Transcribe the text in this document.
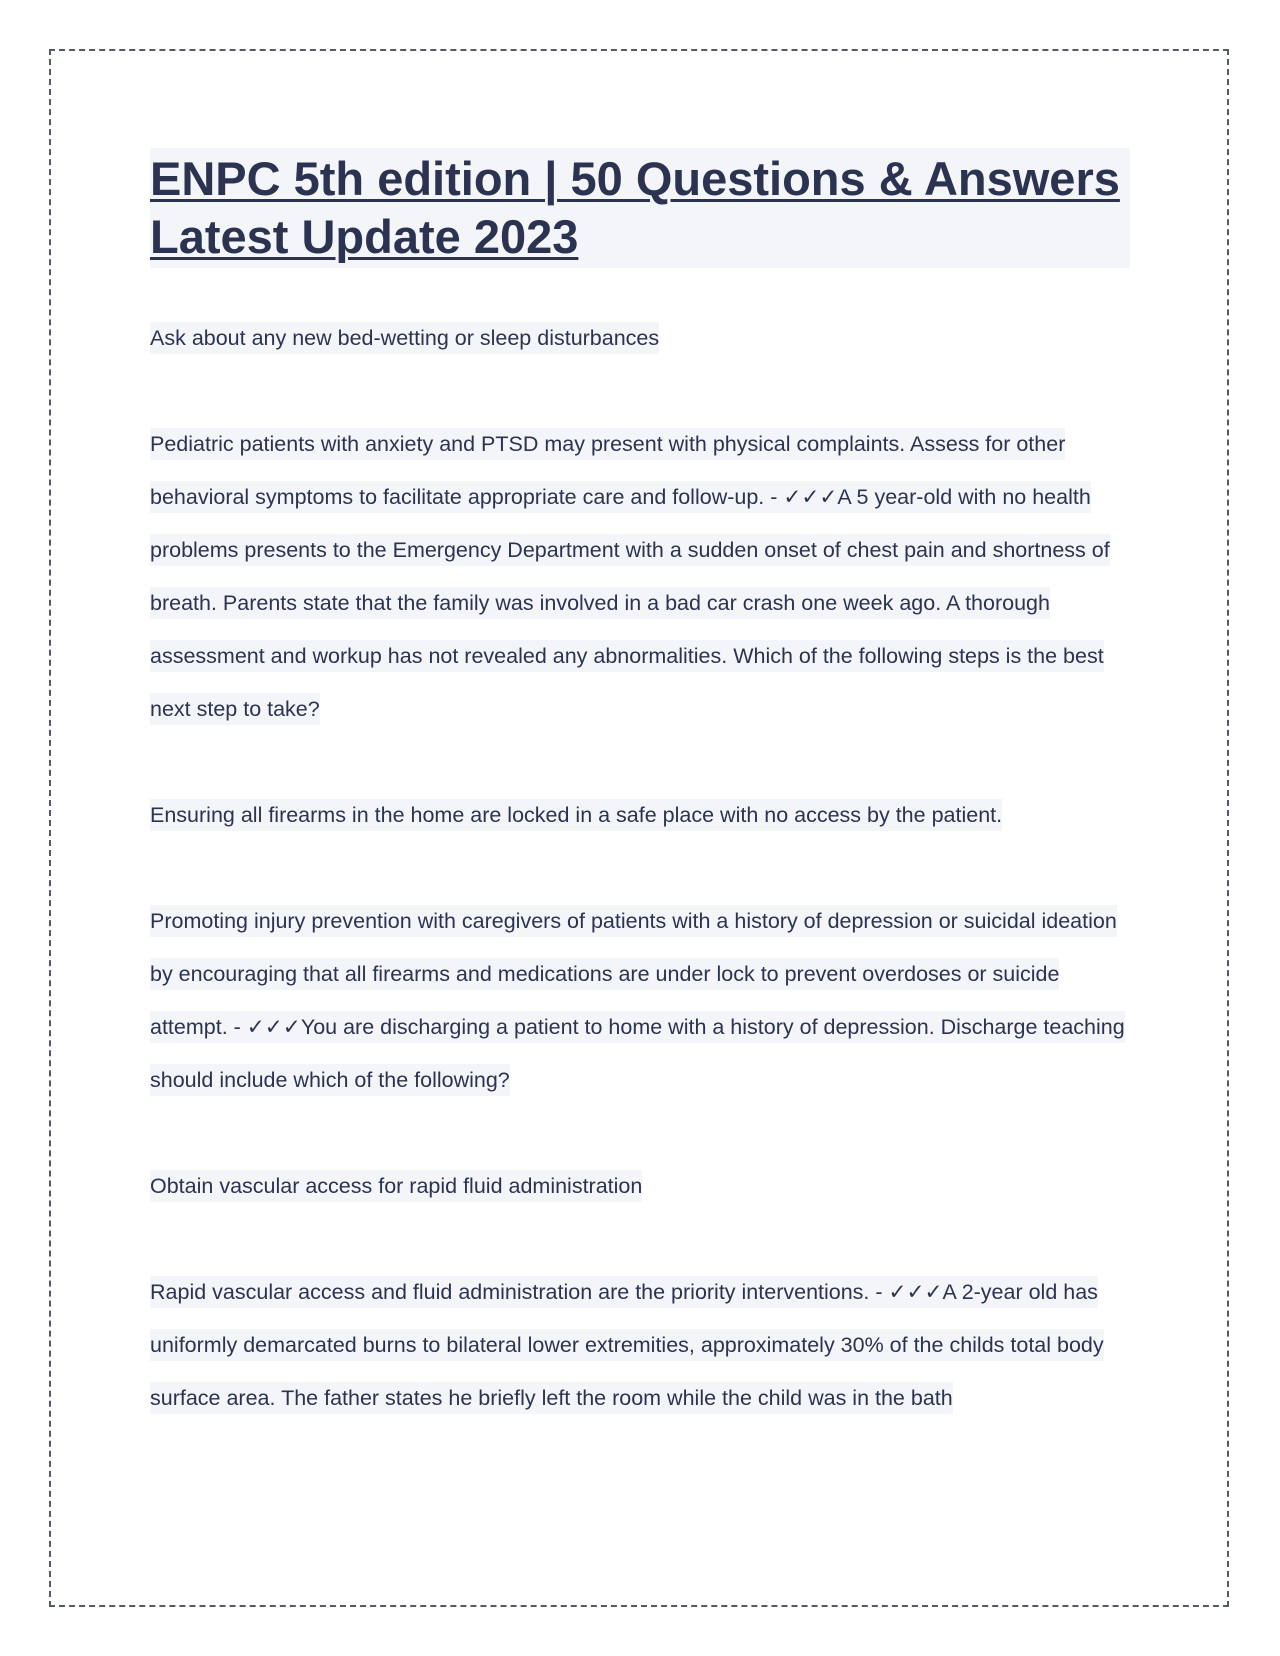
ENPC 5th edition | 50 Questions & Answers Latest Update 2023

Ask about any new bed-wetting or sleep disturbances

Pediatric patients with anxiety and PTSD may present with physical complaints. Assess for other behavioral symptoms to facilitate appropriate care and follow-up. - ✓✓✓A 5 year-old with no health problems presents to the Emergency Department with a sudden onset of chest pain and shortness of breath. Parents state that the family was involved in a bad car crash one week ago. A thorough assessment and workup has not revealed any abnormalities. Which of the following steps is the best next step to take?

Ensuring all firearms in the home are locked in a safe place with no access by the patient.

Promoting injury prevention with caregivers of patients with a history of depression or suicidal ideation by encouraging that all firearms and medications are under lock to prevent overdoses or suicide attempt. - ✓✓✓You are discharging a patient to home with a history of depression. Discharge teaching should include which of the following?

Obtain vascular access for rapid fluid administration

Rapid vascular access and fluid administration are the priority interventions. - ✓✓✓A 2-year old has uniformly demarcated burns to bilateral lower extremities, approximately 30% of the childs total body surface area. The father states he briefly left the room while the child was in the bath
